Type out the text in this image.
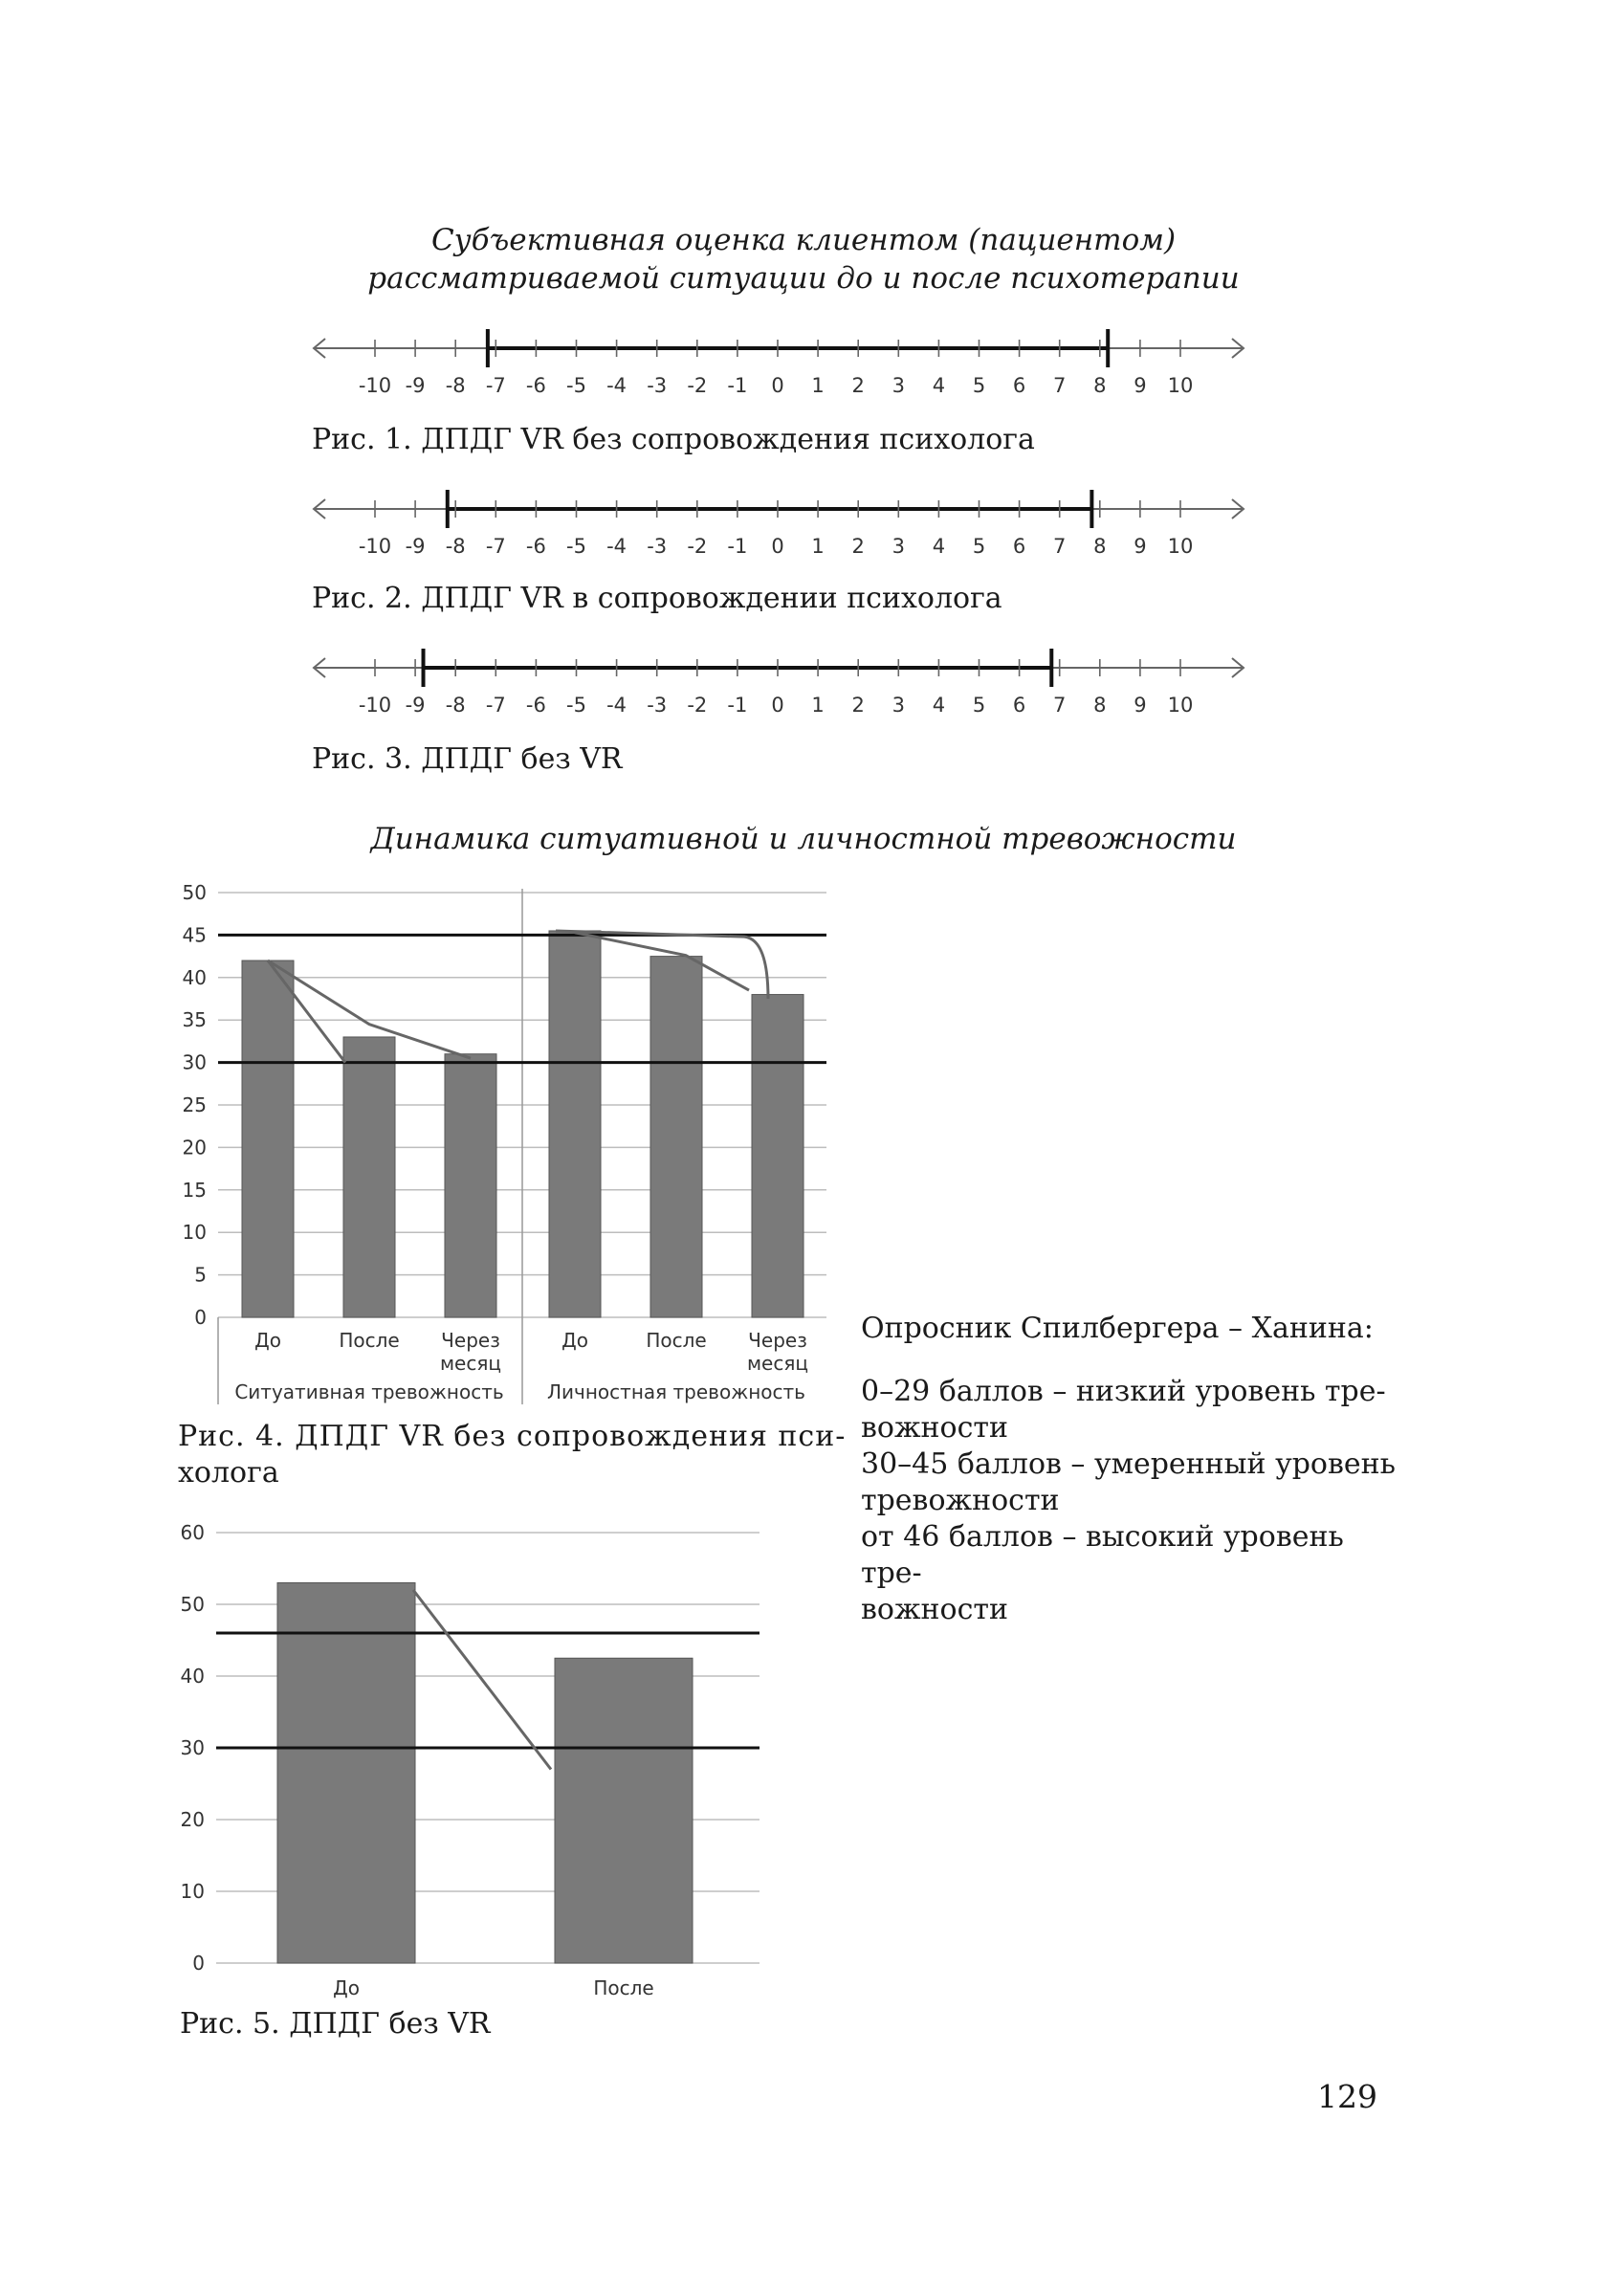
Субъективная оценка клиентом (пациентом)
рассматриваемой ситуации до и после психотерапии
-10 -9 -8 -7 -6 -5 -4 -3 -2 -1 0 1 2 3 4 5 6 7 8 9 10
Рис. 1. ДПДГ VR без сопровождения психолога
-10 -9 -8 -7 -6 -5 -4 -3 -2 -1 0 1 2 3 4 5 6 7 8 9 10
Рис. 2. ДПДГ VR в сопровождении психолога
-10 -9 -8 -7 -6 -5 -4 -3 -2 -1 0 1 2 3 4 5 6 7 8 9 10
Рис. 3. ДПДГ без VR
Динамика ситуативной и личностной тревожности
0
5
10
15
20
25
30
35
40
45
50
До	После Через
месяц
Ситуативная тревожность
До	После Через
месяц
Личностная тревожность
Рис. 4. ДПДГ VR без сопровождения пси-
холога

Опросник Спилбергера – Ханина:

0–29 баллов – низкий уровень тре-

вожности

30–45 баллов – умеренный уровень

тревожности

от 46 баллов – высокий уровень тре-

вожности

0
10
20
30
40
50
60
До	После
Рис. 5. ДПДГ без VR
129
